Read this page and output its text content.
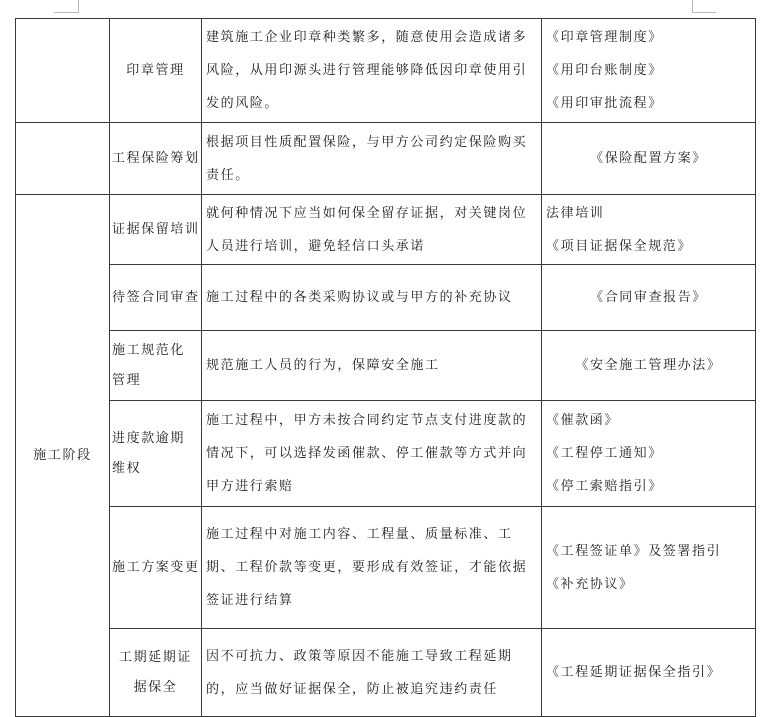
	印章管理	建筑施工企业印章种类繁多，随意使用会造成诸多风险，从用印源头进行管理能够降低因印章使用引发的风险。	《印章管理制度》
《用印台账制度》
《用印审批流程》

	工程保险筹划	根据项目性质配置保险，与甲方公司约定保险购买责任。	《保险配置方案》

施工阶段	证据保留培训	就何种情况下应当如何保全留存证据，对关键岗位人员进行培训，避免轻信口头承诺	法律培训
《项目证据保全规范》

	待签合同审查	施工过程中的各类采购协议或与甲方的补充协议	《合同审查报告》

	施工规范化管理	规范施工人员的行为，保障安全施工	《安全施工管理办法》

	进度款逾期维权	施工过程中，甲方未按合同约定节点支付进度款的情况下，可以选择发函催款、停工催款等方式并向甲方进行索赔	《催款函》
《工程停工通知》
《停工索赔指引》

	施工方案变更	施工过程中对施工内容、工程量、质量标准、工期、工程价款等变更，要形成有效签证，才能依据签证进行结算	《工程签证单》及签署指引
《补充协议》

	工期延期证据保全	因不可抗力、政策等原因不能施工导致工程延期的，应当做好证据保全，防止被追究违约责任	《工程延期证据保全指引》
